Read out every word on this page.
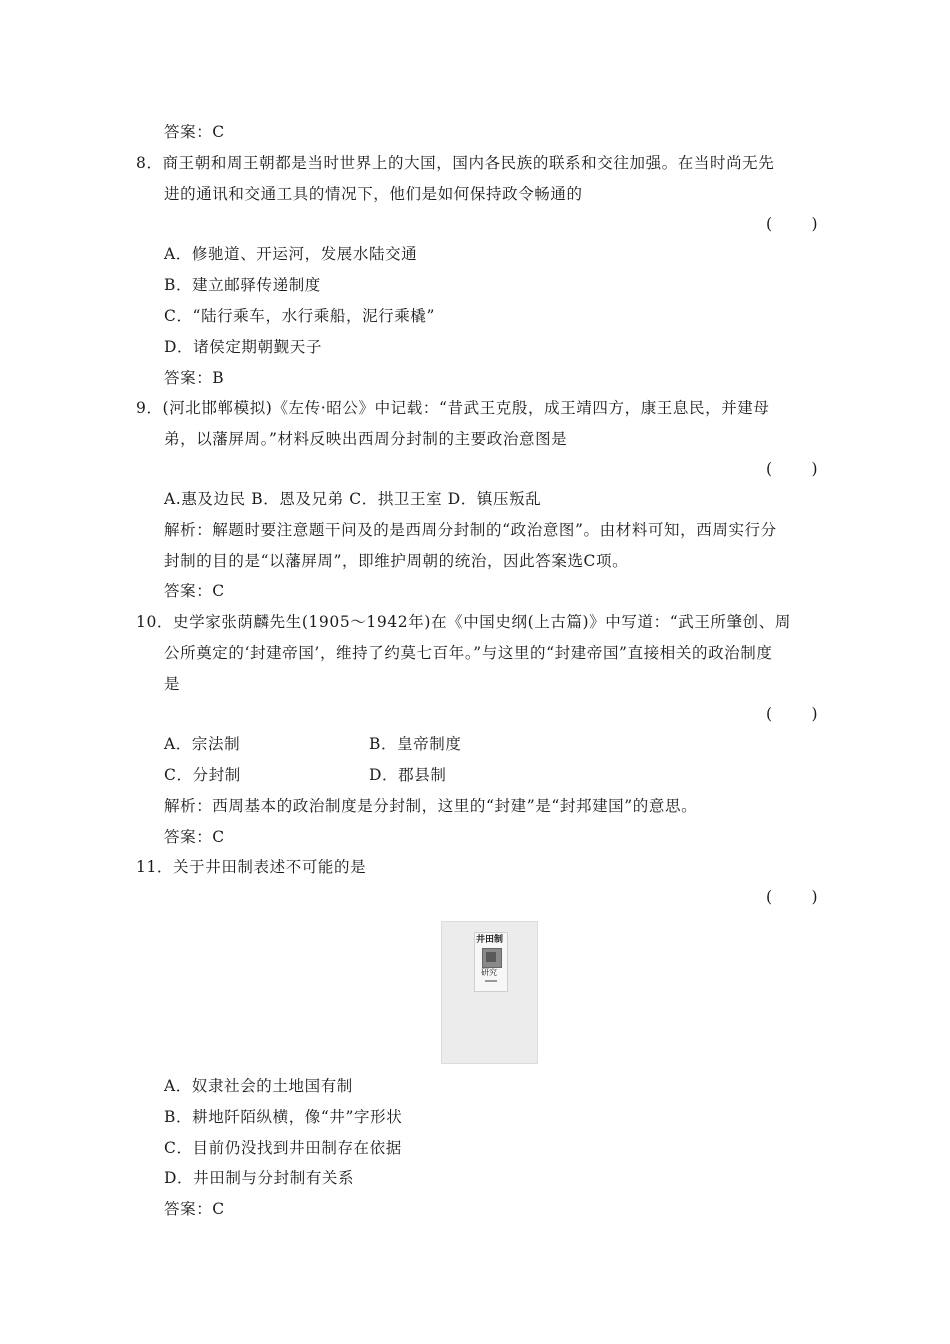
答案：C
8．商王朝和周王朝都是当时世界上的大国，国内各民族的联系和交往加强。在当时尚无先
进的通讯和交通工具的情况下，他们是如何保持政令畅通的
(        )
A．修驰道、开运河，发展水陆交通
B．建立邮驿传递制度
C．“陆行乘车，水行乘船，泥行乘橇”
D．诸侯定期朝觐天子
答案：B
9．(河北邯郸模拟)《左传·昭公》中记载：“昔武王克殷，成王靖四方，康王息民，并建母
弟，以藩屏周。”材料反映出西周分封制的主要政治意图是
(        )
A.惠及边民 B．恩及兄弟 C．拱卫王室 D．镇压叛乱
解析：解题时要注意题干问及的是西周分封制的“政治意图”。由材料可知，西周实行分
封制的目的是“以藩屏周”，即维护周朝的统治，因此答案选C项。
答案：C
10．史学家张荫麟先生(1905～1942年)在《中国史纲(上古篇)》中写道：“武王所肇创、周
公所奠定的‘封建帝国’，维持了约莫七百年。”与这里的“封建帝国”直接相关的政治制度
是
(        )
A．宗法制	B．皇帝制度
C．分封制	D．郡县制
解析：西周基本的政治制度是分封制，这里的“封建”是“封邦建国”的意思。
答案：C
11．关于井田制表述不可能的是
(        )
井田制
研究
A．奴隶社会的土地国有制
B．耕地阡陌纵横，像“井”字形状
C．目前仍没找到井田制存在依据
D．井田制与分封制有关系
答案：C
